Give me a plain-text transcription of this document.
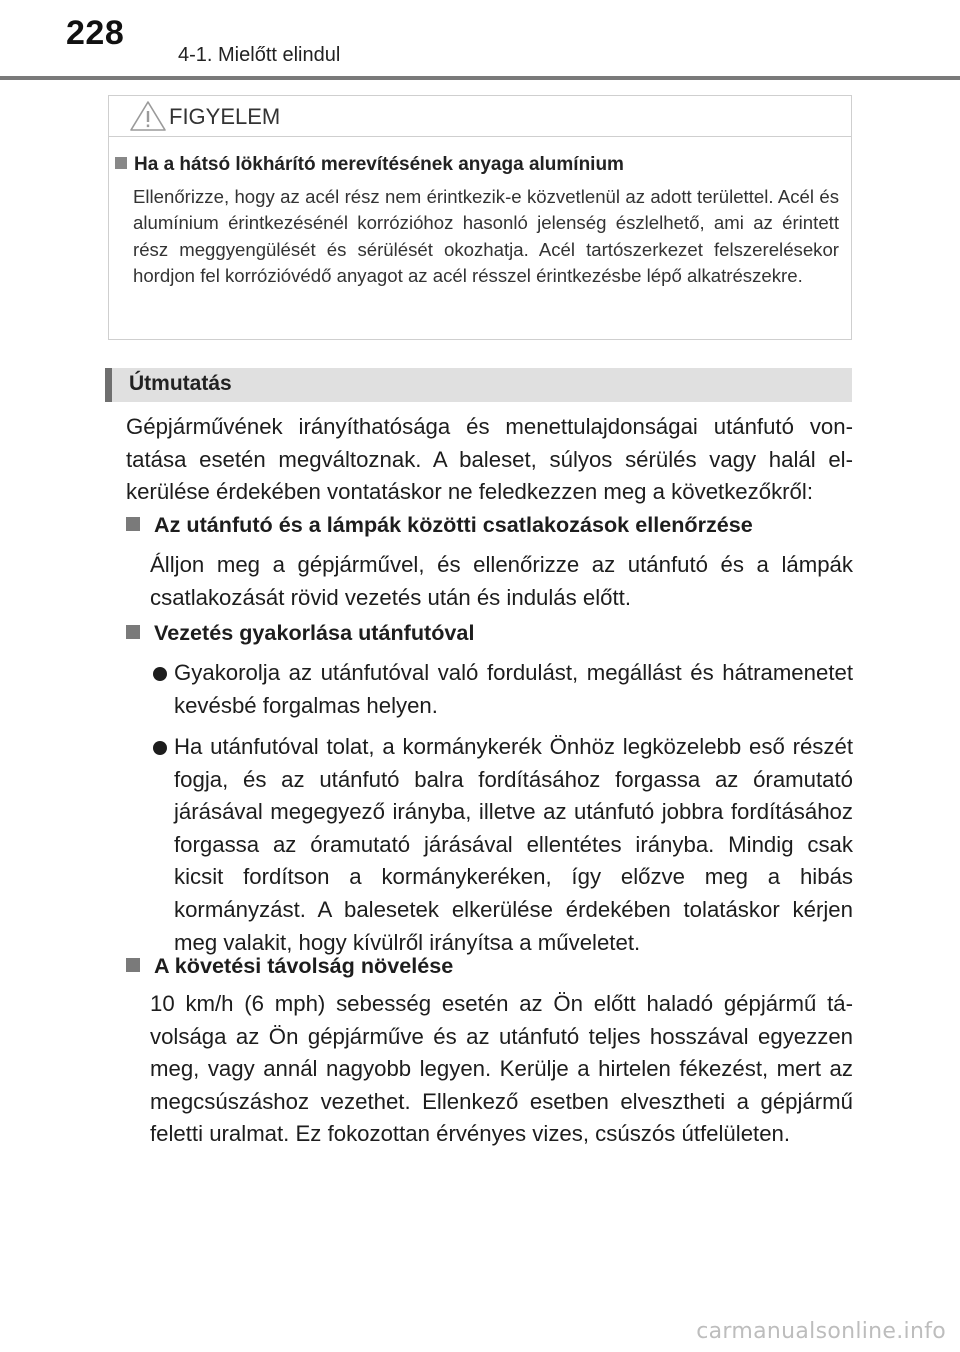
228
4-1. Mielőtt elindul
FIGYELEM
Ha a hátsó lökhárító merevítésének anyaga alumínium
Ellenőrizze, hogy az acél rész nem érintkezik-e közvetlenül az adott területtel. Acél és alumínium érintkezésénél korrózióhoz hasonló jelenség észlelhető, ami az érintett rész meggyengülését és sérülését okozhatja. Acél tartószerkezet felszerelésekor hordjon fel korrózióvédő anyagot az acél résszel érintkezésbe lépő alkatrészekre.
Útmutatás
Gépjárművének irányíthatósága és menettulajdonságai utánfutó vontatása esetén megváltoznak. A baleset, súlyos sérülés vagy halál elkerülése érdekében vontatáskor ne feledkezzen meg a következőkről:
Az utánfutó és a lámpák közötti csatlakozások ellenőrzése
Álljon meg a gépjárművel, és ellenőrizze az utánfutó és a lámpák csatlakozását rövid vezetés után és indulás előtt.
Vezetés gyakorlása utánfutóval
Gyakorolja az utánfutóval való fordulást, megállást és hátramenetet kevésbé forgalmas helyen.
Ha utánfutóval tolat, a kormánykerék Önhöz legközelebb eső részét fogja, és az utánfutó balra fordításához forgassa az óramutató járásával megegyező irányba, illetve az utánfutó jobbra fordításához forgassa az óramutató járásával ellentétes irányba. Mindig csak kicsit fordítson a kormánykeréken, így előzve meg a hibás kormányzást. A balesetek elkerülése érdekében tolatáskor kérjen meg valakit, hogy kívülről irányítsa a műveletet.
A követési távolság növelése
10 km/h (6 mph) sebesség esetén az Ön előtt haladó gépjármű távolsága az Ön gépjárműve és az utánfutó teljes hosszával egyezzen meg, vagy annál nagyobb legyen. Kerülje a hirtelen fékezést, mert az megcsúszáshoz vezethet. Ellenkező esetben elvesztheti a gépjármű feletti uralmat. Ez fokozottan érvényes vizes, csúszós útfelületen.
carmanualsonline.info
